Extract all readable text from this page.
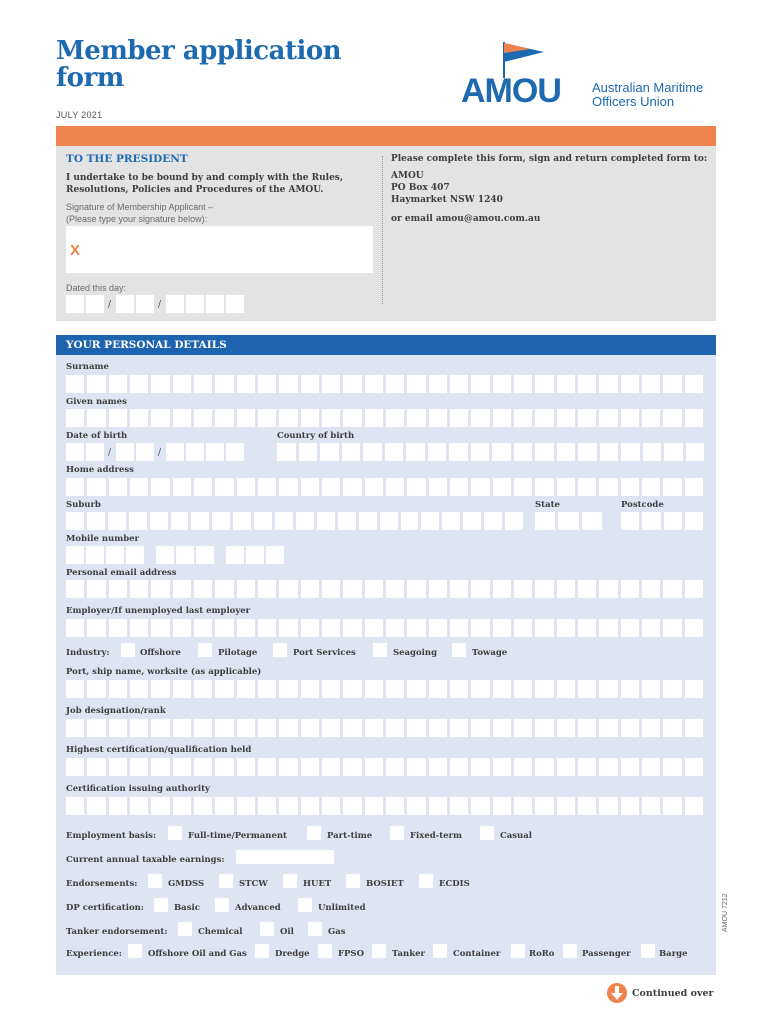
Member application
form
JULY 2021
AMOU Australian Maritime
Officers Union
TO THE PRESIDENT
I undertake to be bound by and comply with the Rules,
Resolutions, Policies and Procedures of the AMOU.
Signature of Membership Applicant –
(Please type your signature below):
X
Dated this day:
/	/
Please complete this form, sign and return completed form to:
AMOU
PO Box 407
Haymarket NSW 1240
or email amou@amou.com.au
YOUR PERSONAL DETAILS
Surname
Given names
Date of birth	Country of birth
/	/
Home address
Suburb	State	Postcode
Mobile number
Personal email address
Employer/If unemployed last employer
Industry:	Offshore	Pilotage	Port Services	Seagoing	Towage
Port, ship name, worksite (as applicable)
Job designation/rank
Highest certification/qualification held
Certification issuing authority
Employment basis:	Full-time/Permanent	Part-time	Fixed-term	Casual
Current annual taxable earnings:
Endorsements:	GMDSS	STCW	HUET	BOSIET	ECDIS
DP certification:	Basic	Advanced	Unlimited
Tanker endorsement:	Chemical	Oil	Gas
Experience:	Offshore Oil and Gas	Dredge	FPSO	Tanker	Container	RoRo	Passenger	Barge
AMOU 7212
Continued over
